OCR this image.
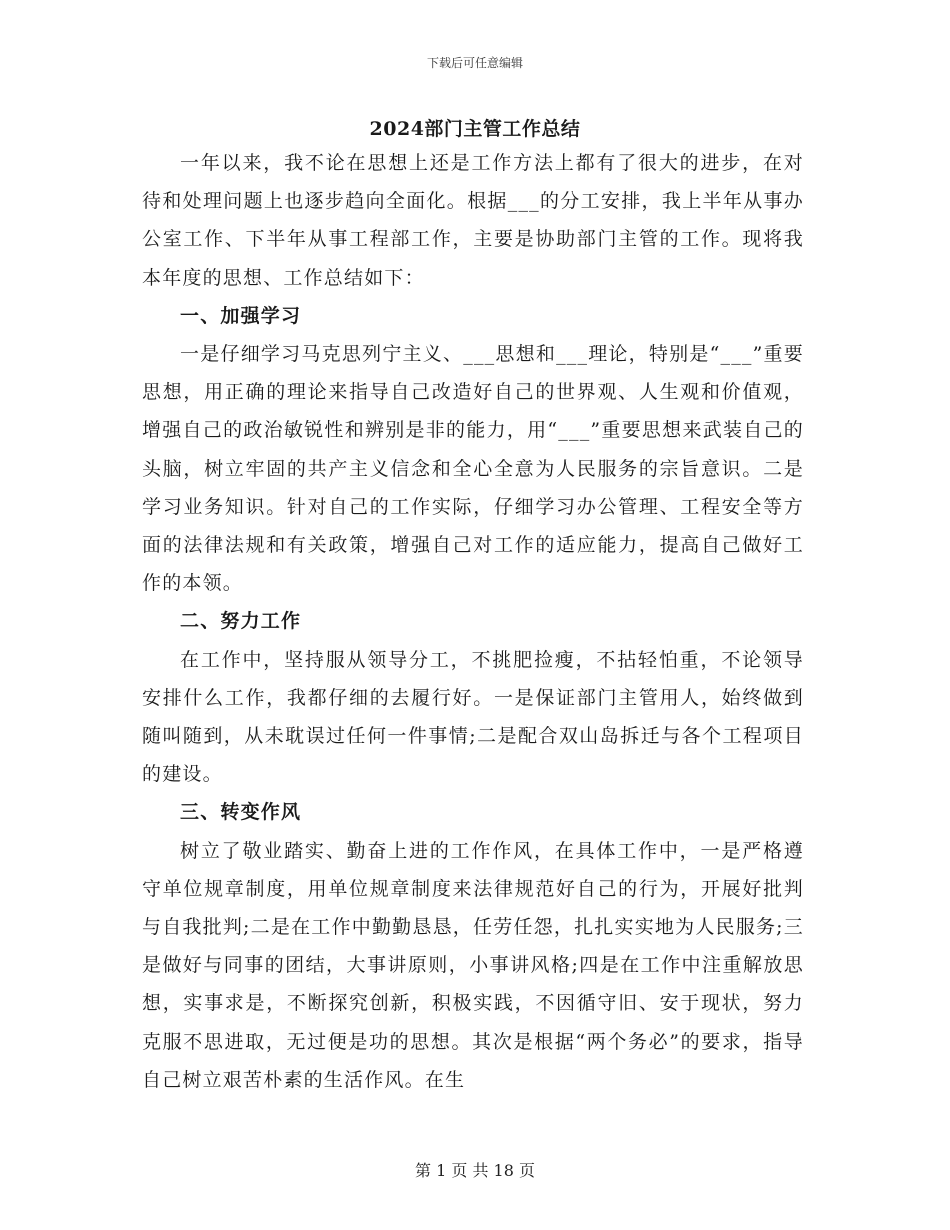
下载后可任意编辑
2024部门主管工作总结

一年以来，我不论在思想上还是工作方法上都有了很大的进步，在对待和处理问题上也逐步趋向全面化。根据___的分工安排，我上半年从事办公室工作、下半年从事工程部工作，主要是协助部门主管的工作。现将我本年度的思想、工作总结如下：

一、加强学习

一是仔细学习马克思列宁主义、___思想和___理论，特别是“___”重要思想，用正确的理论来指导自己改造好自己的世界观、人生观和价值观，增强自己的政治敏锐性和辨别是非的能力，用“___”重要思想来武装自己的头脑，树立牢固的共产主义信念和全心全意为人民服务的宗旨意识。二是学习业务知识。针对自己的工作实际，仔细学习办公管理、工程安全等方面的法律法规和有关政策，增强自己对工作的适应能力，提高自己做好工作的本领。

二、努力工作

在工作中，坚持服从领导分工，不挑肥捡瘦，不拈轻怕重，不论领导安排什么工作，我都仔细的去履行好。一是保证部门主管用人，始终做到随叫随到，从未耽误过任何一件事情;二是配合双山岛拆迁与各个工程项目的建设。

三、转变作风

树立了敬业踏实、勤奋上进的工作作风，在具体工作中，一是严格遵守单位规章制度，用单位规章制度来法律规范好自己的行为，开展好批判与自我批判;二是在工作中勤勤恳恳，任劳任怨，扎扎实实地为人民服务;三是做好与同事的团结，大事讲原则，小事讲风格;四是在工作中注重解放思想，实事求是，不断探究创新，积极实践，不因循守旧、安于现状，努力克服不思进取，无过便是功的思想。其次是根据“两个务必”的要求，指导自己树立艰苦朴素的生活作风。在生

第 1 页 共 18 页
